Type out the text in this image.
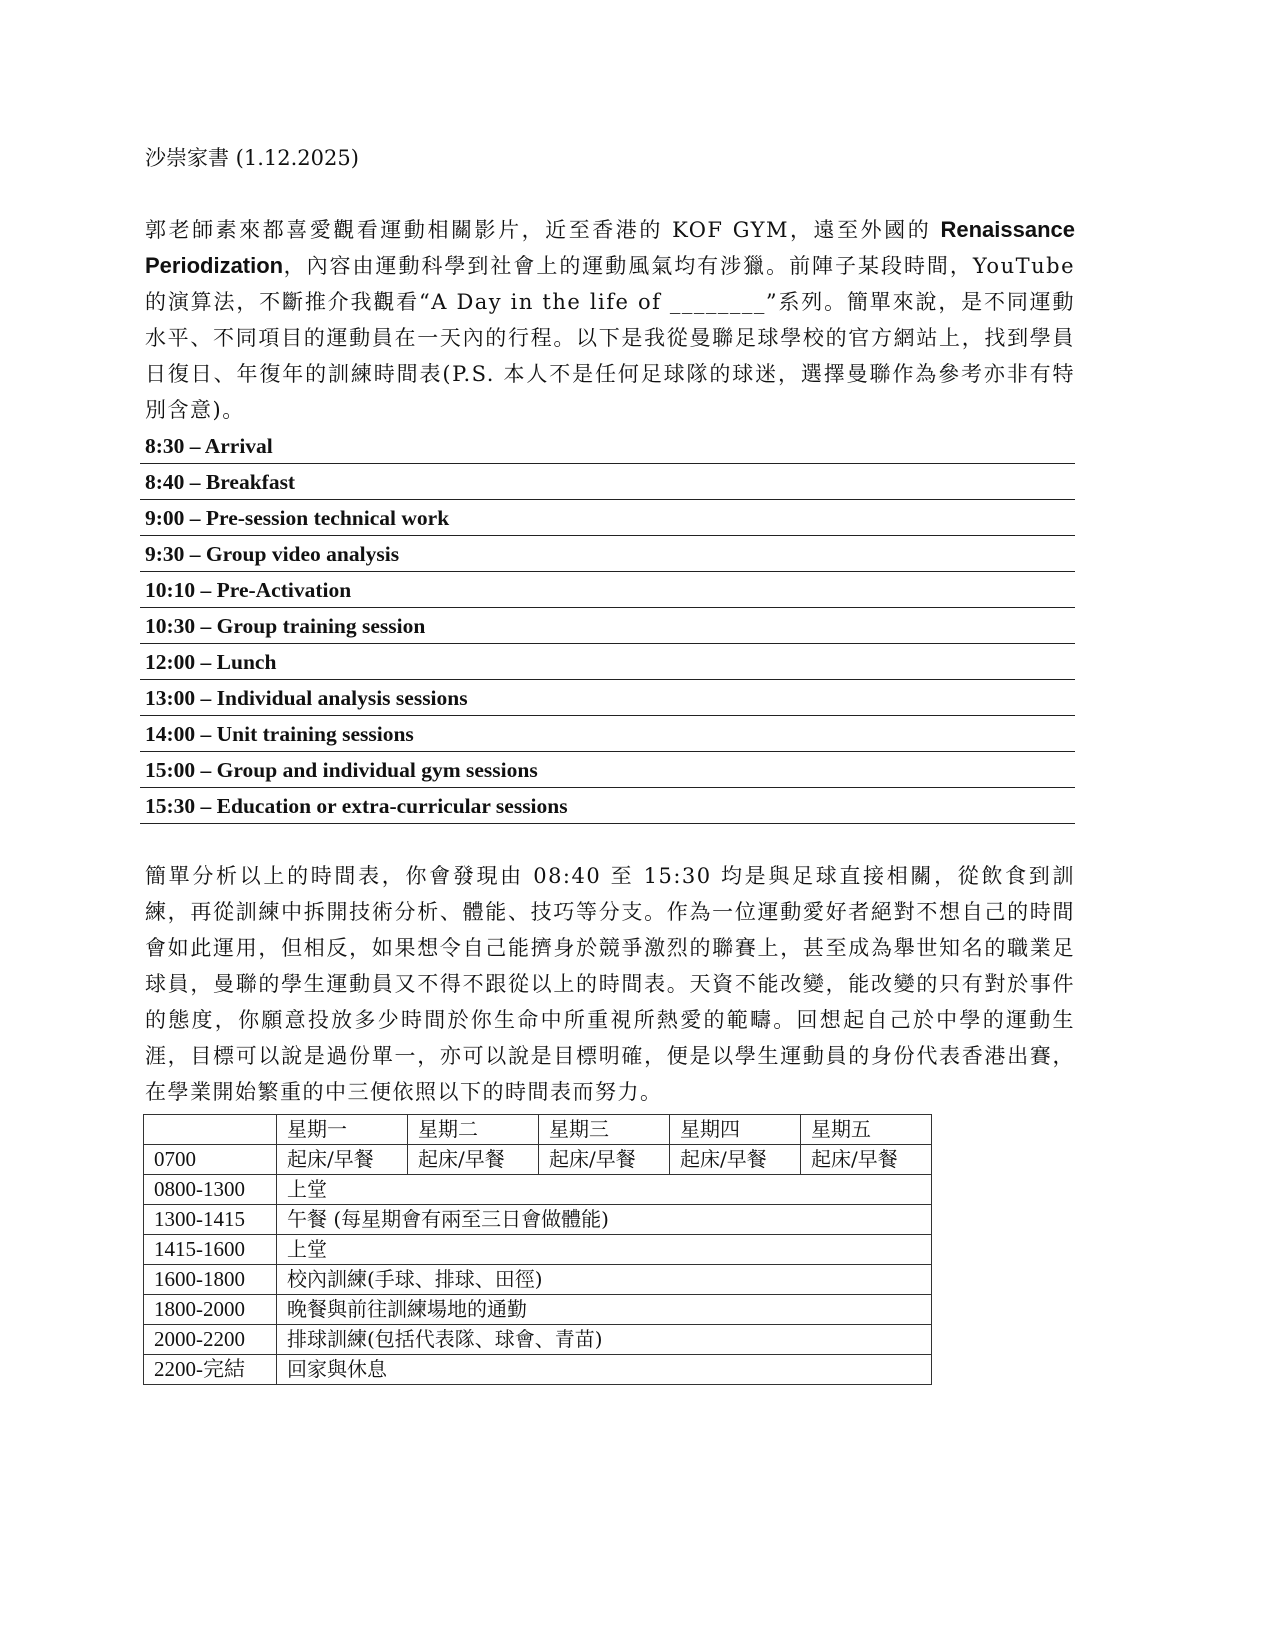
沙崇家書 (1.12.2025)

郭老師素來都喜愛觀看運動相關影片，近至香港的 KOF GYM，遠至外國的 Renaissance Periodization，內容由運動科學到社會上的運動風氣均有涉獵。前陣子某段時間，YouTube 的演算法，不斷推介我觀看“A Day in the life of ________”系列。簡單來說，是不同運動水平、不同項目的運動員在一天內的行程。以下是我從曼聯足球學校的官方網站上，找到學員日復日、年復年的訓練時間表(P.S. 本人不是任何足球隊的球迷，選擇曼聯作為參考亦非有特別含意)。

8:30 – Arrival
8:40 – Breakfast
9:00 – Pre-session technical work
9:30 – Group video analysis
10:10 – Pre-Activation
10:30 – Group training session
12:00 – Lunch
13:00 – Individual analysis sessions
14:00 – Unit training sessions
15:00 – Group and individual gym sessions
15:30 – Education or extra-curricular sessions

簡單分析以上的時間表，你會發現由 08:40 至 15:30 均是與足球直接相關，從飲食到訓練，再從訓練中拆開技術分析、體能、技巧等分支。作為一位運動愛好者絕對不想自己的時間會如此運用，但相反，如果想令自己能擠身於競爭激烈的聯賽上，甚至成為舉世知名的職業足球員，曼聯的學生運動員又不得不跟從以上的時間表。天資不能改變，能改變的只有對於事件的態度，你願意投放多少時間於你生命中所重視所熱愛的範疇。回想起自己於中學的運動生涯，目標可以說是過份單一，亦可以說是目標明確，便是以學生運動員的身份代表香港出賽，在學業開始繁重的中三便依照以下的時間表而努力。

	星期一	星期二	星期三	星期四	星期五
0700	起床/早餐	起床/早餐	起床/早餐	起床/早餐	起床/早餐
0800-1300	上堂				
1300-1415	午餐 (每星期會有兩至三日會做體能)				
1415-1600	上堂				
1600-1800	校內訓練(手球、排球、田徑)				
1800-2000	晚餐與前往訓練場地的通勤				
2000-2200	排球訓練(包括代表隊、球會、青苗)				
2200-完結	回家與休息				
